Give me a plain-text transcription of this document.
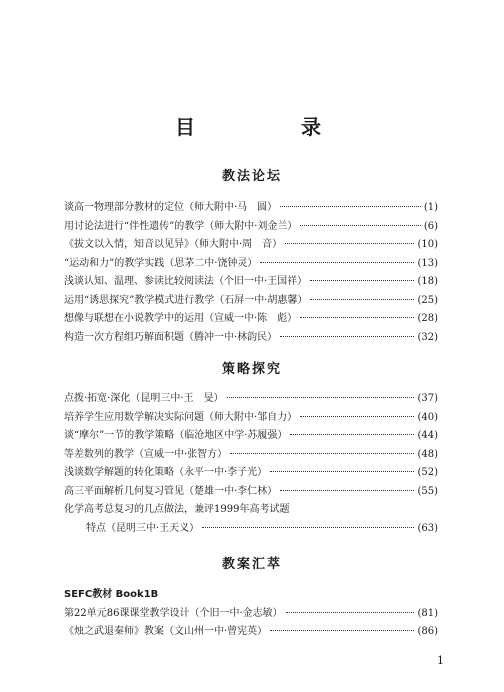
目　　录
教法论坛
谈高一物理部分教材的定位（师大附中·马　圆）	(1)
用讨论法进行“伴性遗传”的教学（师大附中·刘金兰）	(6)
《拔文以入情，知音以见异》（师大附中·周　音）	(10)
“运动和力”的教学实践（思茅二中·饶钟灵）	(13)
浅谈认知、温理、参读比较阅读法（个旧一中·王国祥）	(18)
运用“诱思探究”教学模式进行教学（石屏一中·胡惠馨）	(25)
想像与联想在小说教学中的运用（宣威一中·陈　彪）	(28)
构造一次方程组巧解面积题（腾冲一中·林韵民）	(32)
策略探究
点拨·拓宽·深化（昆明三中·王　旻）	(37)
培养学生应用数学解决实际问题（师大附中·邹自力）	(40)
谈“摩尔”一节的教学策略（临沧地区中学·苏履强）	(44)
等差数列的教学（宣威一中·张智方）	(48)
浅谈数学解题的转化策略（永平一中·李子光）	(52)
高三平面解析几何复习管见（楚雄一中·李仁林）	(55)
化学高考总复习的几点做法，兼评1999年高考试题
特点（昆明三中·王天义）	(63)
教案汇萃
SEFC教材 Book1B
第22单元86课课堂教学设计（个旧一中·金志敏）	(81)
《烛之武退秦师》教案（文山州一中·曾宪英）	(86)
1
